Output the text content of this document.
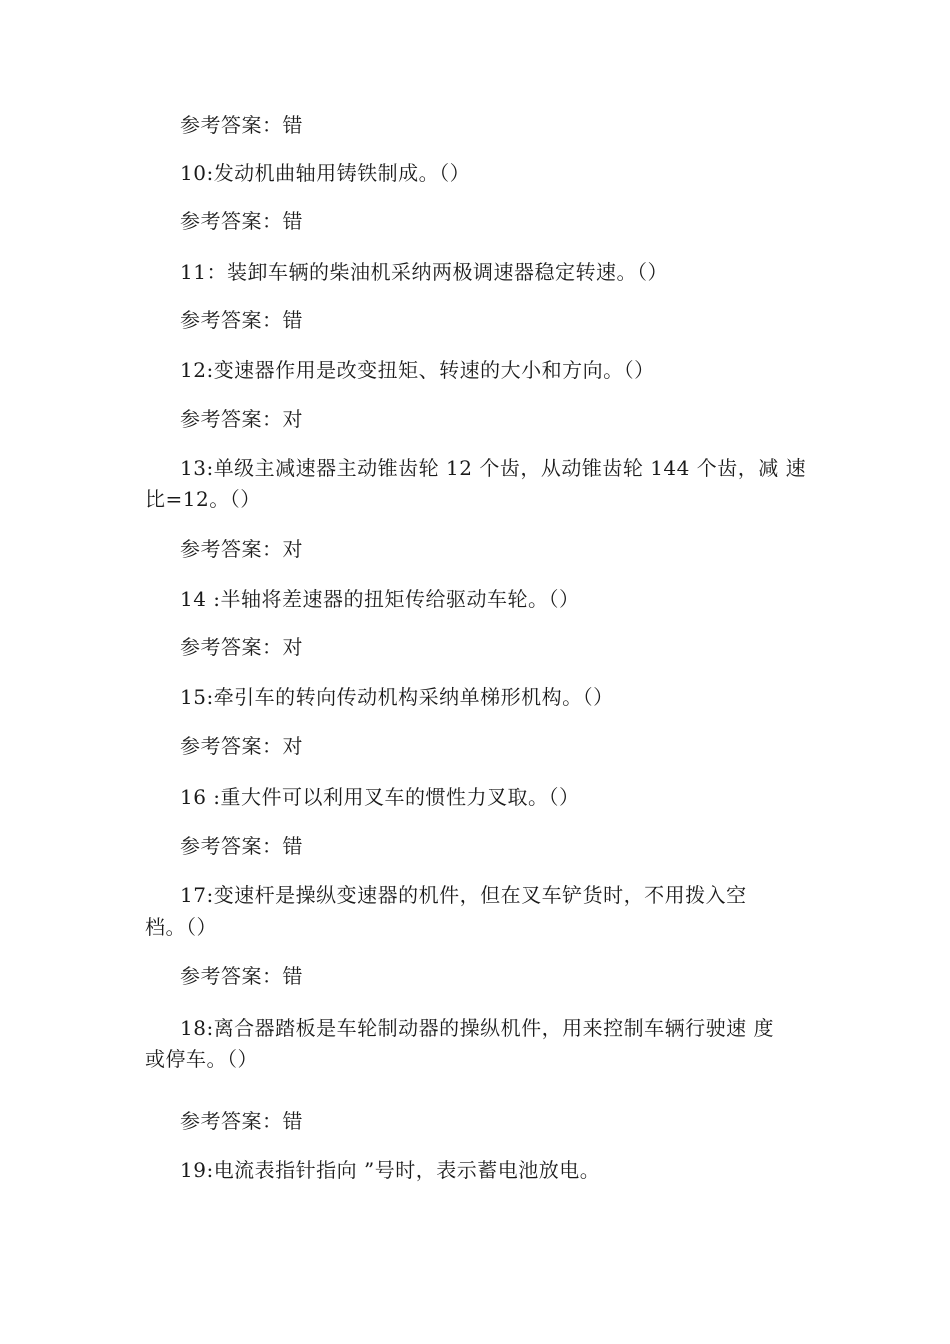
参考答案：错
10:发动机曲轴用铸铁制成。（）
参考答案：错
11：装卸车辆的柴油机采纳两极调速器稳定转速。（）
参考答案：错
12:变速器作用是改变扭矩、转速的大小和方向。（）
参考答案：对
13:单级主减速器主动锥齿轮 12 个齿，从动锥齿轮 144 个齿，减 速
比=12。（）
参考答案：对
14 :半轴将差速器的扭矩传给驱动车轮。（）
参考答案：对
15:牵引车的转向传动机构采纳单梯形机构。（）
参考答案：对
16 :重大件可以利用叉车的惯性力叉取。（）
参考答案：错
17:变速杆是操纵变速器的机件，但在叉车铲货时，不用拨入空
档。（）
参考答案：错
18:离合器踏板是车轮制动器的操纵机件，用来控制车辆行驶速 度
或停车。（）
参考答案：错
19:电流表指针指向 ”号时，表示蓄电池放电。
